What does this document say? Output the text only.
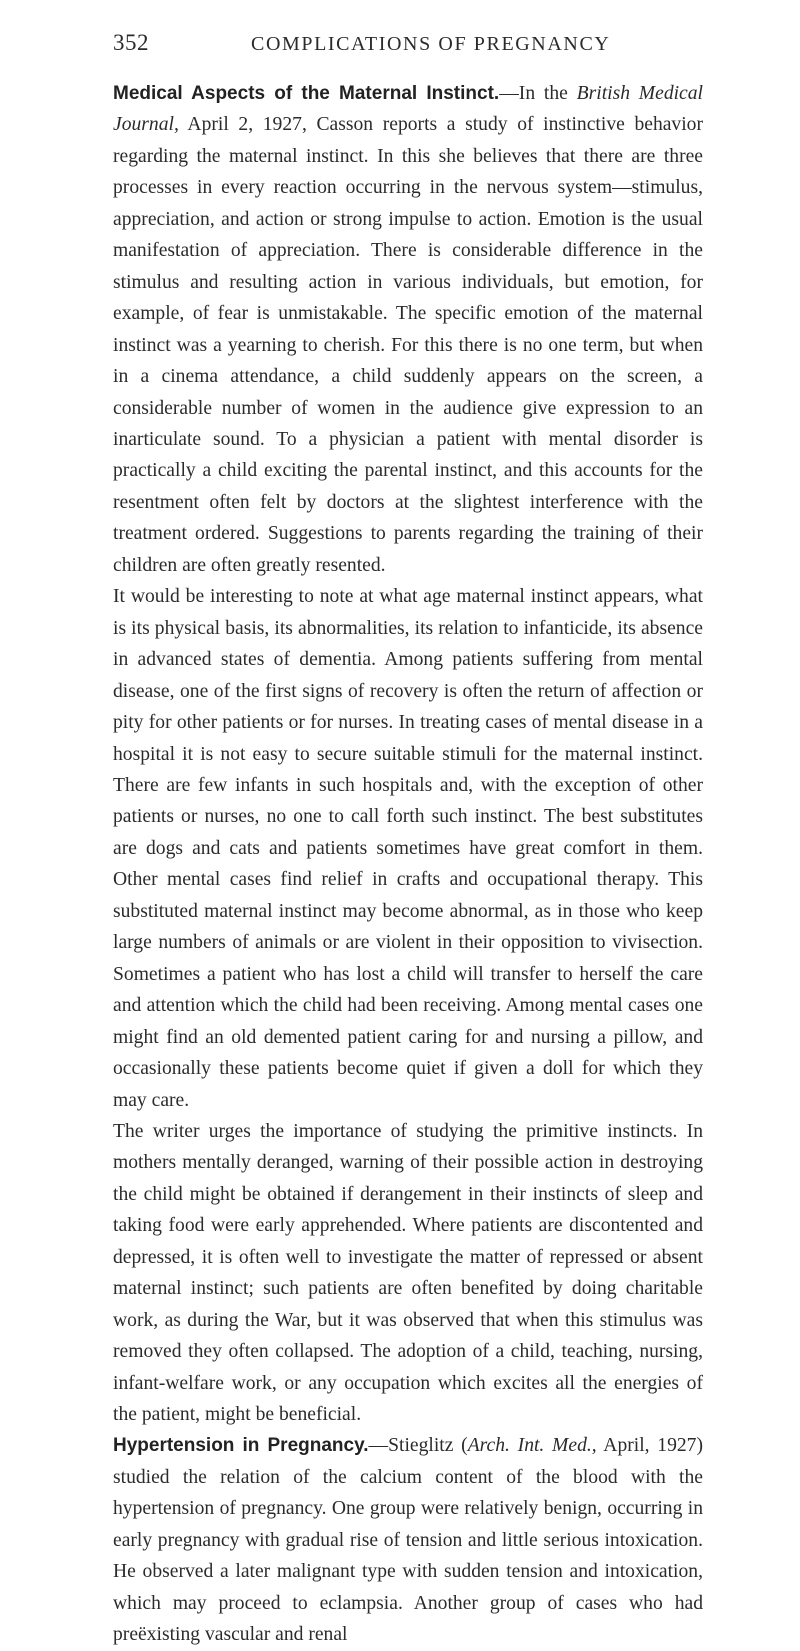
352	COMPLICATIONS OF PREGNANCY

Medical Aspects of the Maternal Instinct.—In the British Medical Journal, April 2, 1927, Casson reports a study of instinctive behavior regarding the maternal instinct. In this she believes that there are three processes in every reaction occurring in the nervous system—stimulus, appreciation, and action or strong impulse to action. Emotion is the usual manifestation of appreciation. There is considerable difference in the stimulus and resulting action in various individuals, but emotion, for example, of fear is unmistakable. The specific emotion of the maternal instinct was a yearning to cherish. For this there is no one term, but when in a cinema attendance, a child suddenly appears on the screen, a considerable number of women in the audience give expression to an inarticulate sound. To a physician a patient with mental disorder is practically a child exciting the parental instinct, and this accounts for the resentment often felt by doctors at the slightest interference with the treatment ordered. Suggestions to parents regarding the training of their children are often greatly resented.

It would be interesting to note at what age maternal instinct appears, what is its physical basis, its abnormalities, its relation to infanticide, its absence in advanced states of dementia. Among patients suffering from mental disease, one of the first signs of recovery is often the return of affection or pity for other patients or for nurses. In treating cases of mental disease in a hospital it is not easy to secure suitable stimuli for the maternal instinct. There are few infants in such hospitals and, with the exception of other patients or nurses, no one to call forth such instinct. The best substitutes are dogs and cats and patients sometimes have great comfort in them. Other mental cases find relief in crafts and occupational therapy. This substituted maternal instinct may become abnormal, as in those who keep large numbers of animals or are violent in their opposition to vivisection. Sometimes a patient who has lost a child will transfer to herself the care and attention which the child had been receiving. Among mental cases one might find an old demented patient caring for and nursing a pillow, and occasionally these patients become quiet if given a doll for which they may care.

The writer urges the importance of studying the primitive instincts. In mothers mentally deranged, warning of their possible action in destroying the child might be obtained if derangement in their instincts of sleep and taking food were early apprehended. Where patients are discontented and depressed, it is often well to investigate the matter of repressed or absent maternal instinct; such patients are often benefited by doing charitable work, as during the War, but it was observed that when this stimulus was removed they often collapsed. The adoption of a child, teaching, nursing, infant-welfare work, or any occupation which excites all the energies of the patient, might be beneficial.

Hypertension in Pregnancy.—Stieglitz (Arch. Int. Med., April, 1927) studied the relation of the calcium content of the blood with the hypertension of pregnancy. One group were relatively benign, occurring in early pregnancy with gradual rise of tension and little serious intoxication. He observed a later malignant type with sudden tension and intoxication, which may proceed to eclampsia. Another group of cases who had preëxisting vascular and renal
